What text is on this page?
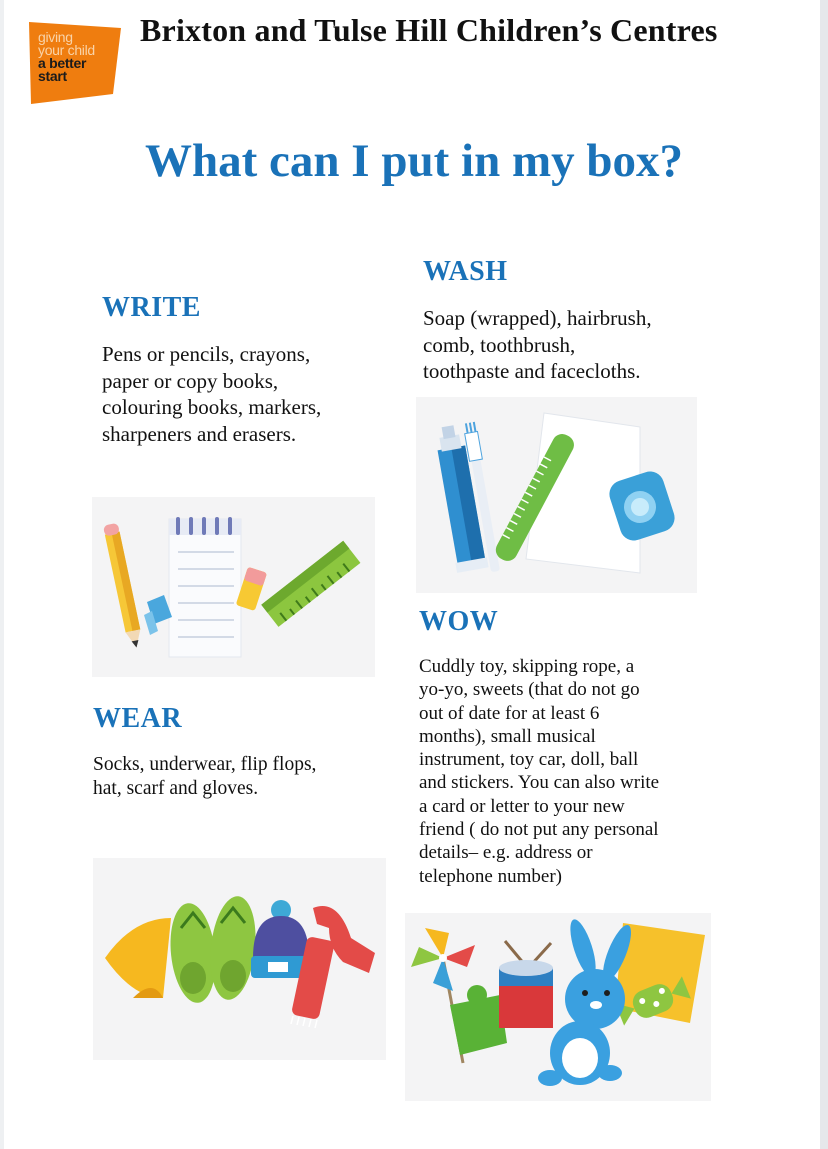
giving
your child
a better
start
Brixton and Tulse Hill Children’s Centres
What can I put in my box?
WRITE
Pens or pencils, crayons,
paper or copy books,
colouring books, markers,
sharpeners and erasers.
WASH
Soap (wrapped), hairbrush,
comb, toothbrush,
toothpaste and facecloths.
WEAR
Socks, underwear, flip flops,
hat, scarf and gloves.
WOW
Cuddly toy, skipping rope, a
yo-yo, sweets (that do not go
out of date for at least 6
months), small musical
instrument, toy car, doll, ball
and stickers. You can also write
a card or letter to your new
friend ( do not put any personal
details– e.g. address or
telephone number)
